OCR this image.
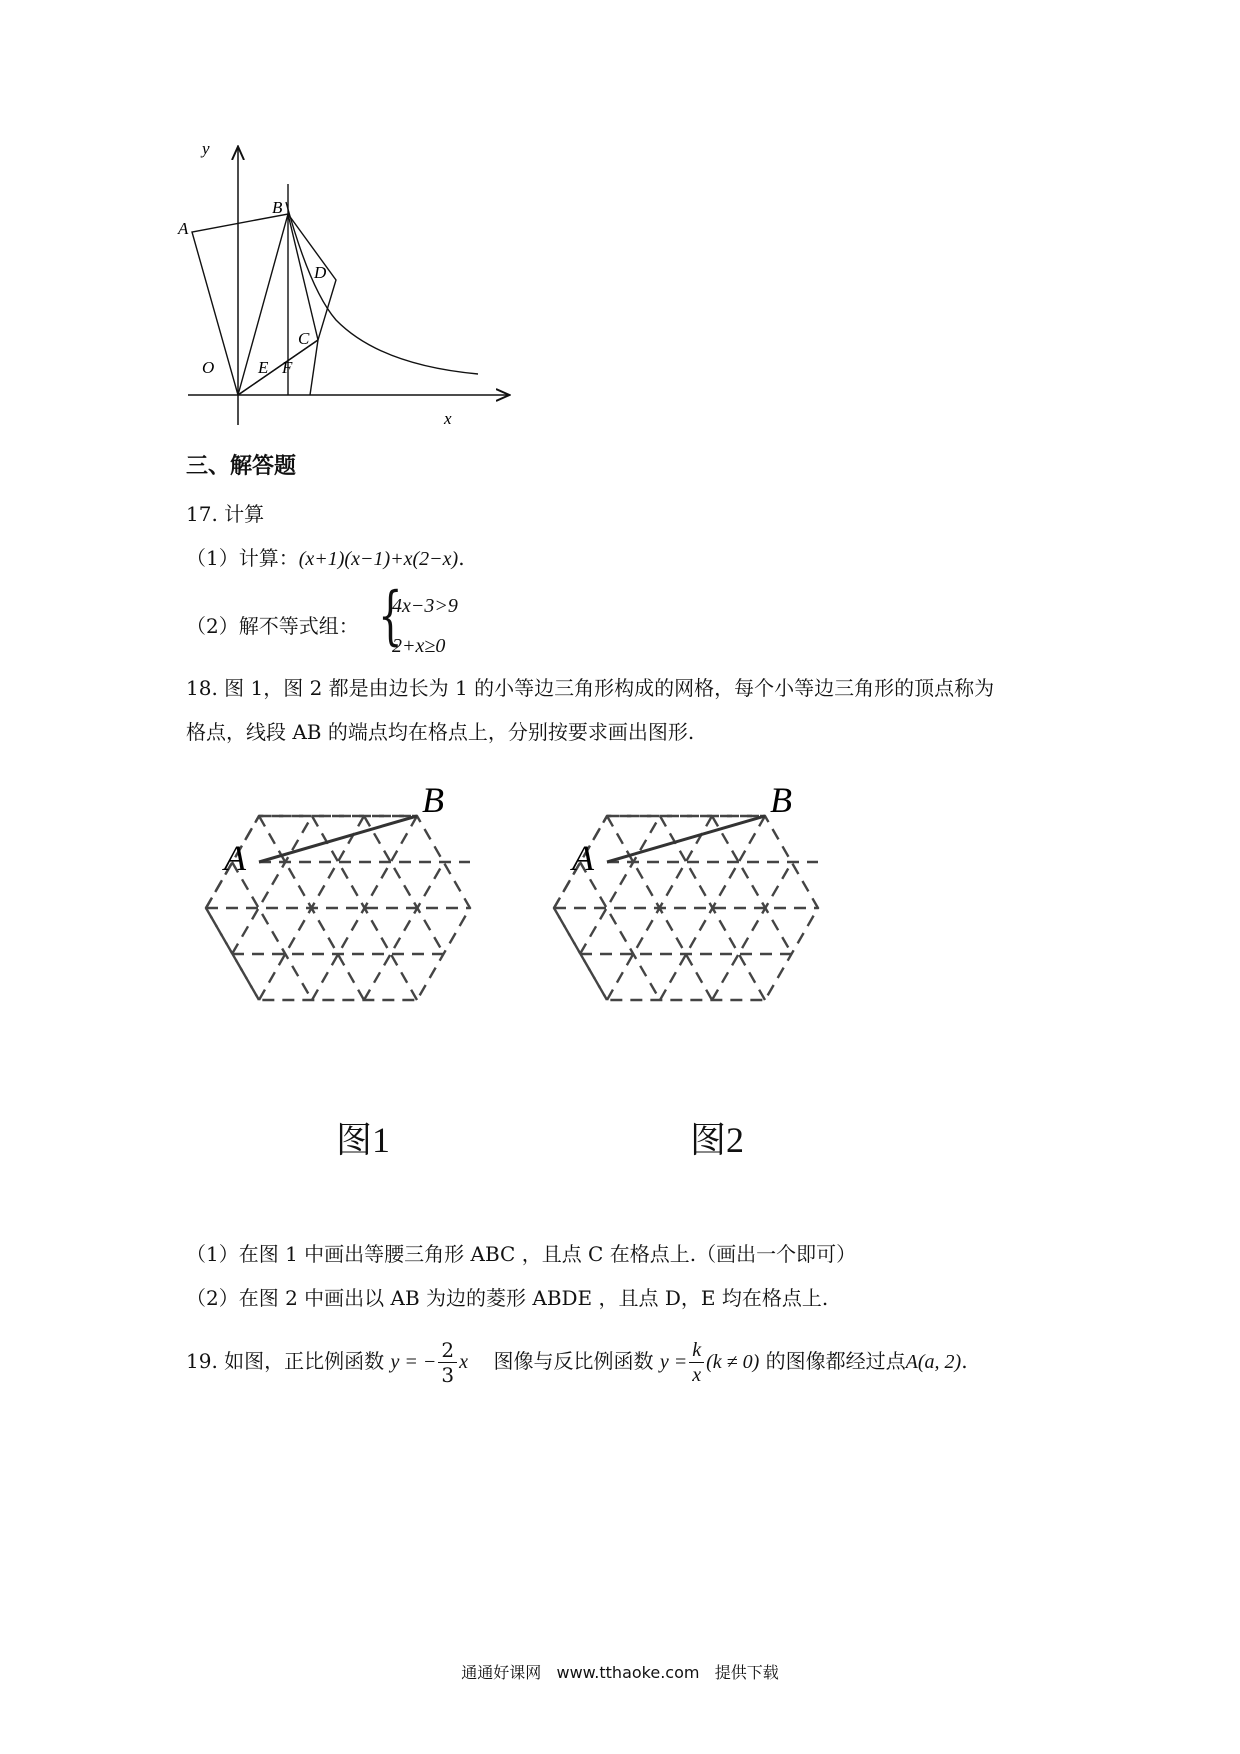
y
x
A
B
D
C
O	E F
三、解答题
17. 计算
（1）计算：(x+1)(x−1)+x(2−x).
（2）解不等式组： {
4x−3>9
2+x≥0
18. 图 1，图 2 都是由边长为 1 的小等边三角形构成的网格，每个小等边三角形的顶点称为
格点，线段 AB 的端点均在格点上，分别按要求画出图形.
A
B
图1
A
B
图2
（1）在图 1 中画出等腰三角形 ABC ，且点 C 在格点上.（画出一个即可）
（2）在图 2 中画出以 AB 为边的菱形 ABDE ，且点 D，E 均在格点上.
19. 如图，正比例函数 y = − $\frac{2}{3}$ x 图像与反比例函数 $y = \frac{k}{x} (k \ne 0)$ 的图像都经过点A(a, 2).
通通好课网   www.tthaoke.com   提供下载
